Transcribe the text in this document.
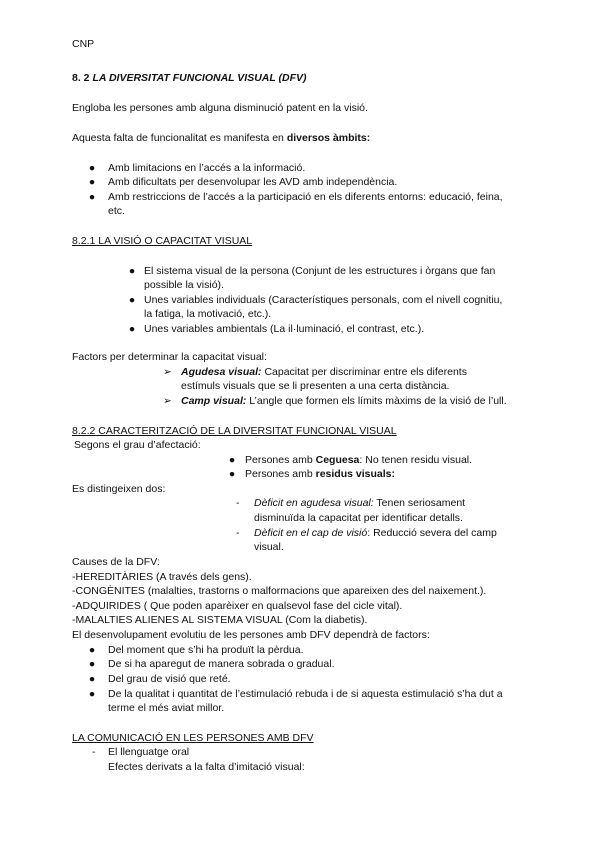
CNP
8. 2 LA DIVERSITAT FUNCIONAL VISUAL (DFV)
Engloba les persones amb alguna disminució patent en la visió.
Aquesta falta de funcionalitat es manifesta en diversos àmbits:
● Amb limitacions en l’accés a la informació.
● Amb dificultats per desenvolupar les AVD amb independència.
● Amb restriccions de l’accés a la participació en els diferents entorns: educació, feina,
etc.
8.2.1 LA VISIÓ O CAPACITAT VISUAL
● El sistema visual de la persona (Conjunt de les estructures i òrgans que fan
possible la visió).
● Unes variables individuals (Característiques personals, com el nivell cognitiu,
la fatiga, la motivació, etc.).
● Unes variables ambientals (La il·luminació, el contrast, etc.).
Factors per determinar la capacitat visual:
➢ Agudesa visual: Capacitat per discriminar entre els diferents
estímuls visuals que se li presenten a una certa distància.
➢ Camp visual: L’angle que formen els límits màxims de la visió de l’ull.
8.2.2 CARACTERITZACIÓ DE LA DIVERSITAT FUNCIONAL VISUAL
Segons el grau d’afectació:
● Persones amb Ceguesa: No tenen residu visual.
● Persones amb residus visuals:
Es distingeixen dos:
- Dèficit en agudesa visual: Tenen seriosament
disminuïda la capacitat per identificar detalls.
- Dèficit en el cap de visió: Reducció severa del camp
visual.
Causes de la DFV:
-HEREDITÀRIES (A través dels gens).
-CONGÈNITES (malalties, trastorns o malformacions que apareixen des del naixement.).
-ADQUIRIDES ( Que poden aparèixer en qualsevol fase del cicle vital).
-MALALTIES ALIENES AL SISTEMA VISUAL (Com la diabetis).
El desenvolupament evolutiu de les persones amb DFV dependrà de factors:
● Del moment que s’hi ha produït la pèrdua.
● De si ha aparegut de manera sobrada o gradual.
● Del grau de visió que reté.
● De la qualitat i quantitat de l’estimulació rebuda i de si aquesta estimulació s’ha dut a
terme el més aviat millor.
LA COMUNICACIÓ EN LES PERSONES AMB DFV
- El llenguatge oral
Efectes derivats a la falta d’imitació visual:
